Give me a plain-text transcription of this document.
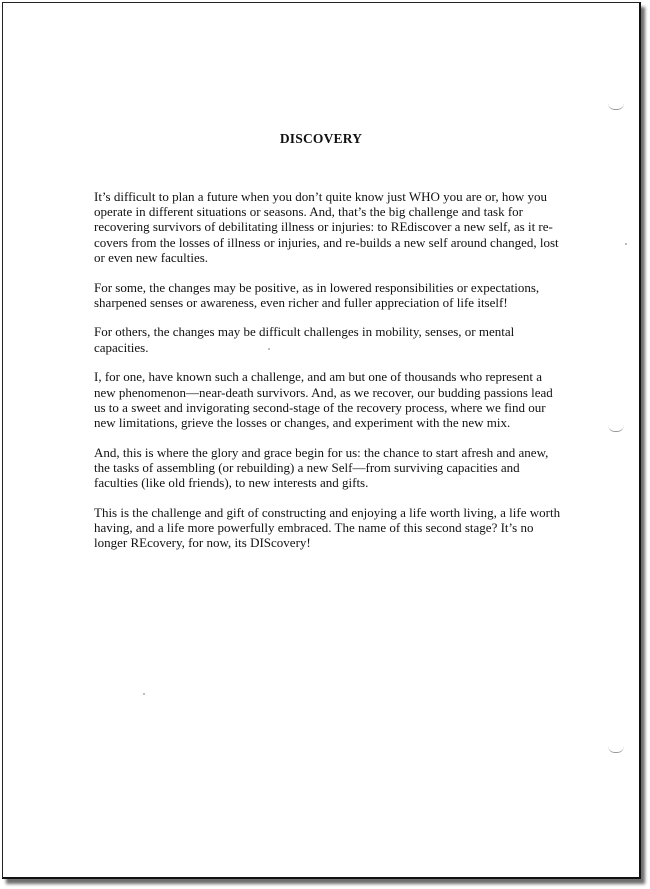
DISCOVERY

It’s difficult to plan a future when you don’t quite know just WHO you are or, how you operate in different situations or seasons. And, that’s the big challenge and task for recovering survivors of debilitating illness or injuries: to REdiscover a new self, as it re-covers from the losses of illness or injuries, and re-builds a new self around changed, lost or even new faculties.

For some, the changes may be positive, as in lowered responsibilities or expectations, sharpened senses or awareness, even richer and fuller appreciation of life itself!

For others, the changes may be difficult challenges in mobility, senses, or mental capacities.

I, for one, have known such a challenge, and am but one of thousands who represent a new phenomenon—near-death survivors. And, as we recover, our budding passions lead us to a sweet and invigorating second-stage of the recovery process, where we find our new limitations, grieve the losses or changes, and experiment with the new mix.

And, this is where the glory and grace begin for us: the chance to start afresh and anew, the tasks of assembling (or rebuilding) a new Self—from surviving capacities and faculties (like old friends), to new interests and gifts.

This is the challenge and gift of constructing and enjoying a life worth living, a life worth having, and a life more powerfully embraced. The name of this second stage? It’s no longer REcovery, for now, its DIScovery!
